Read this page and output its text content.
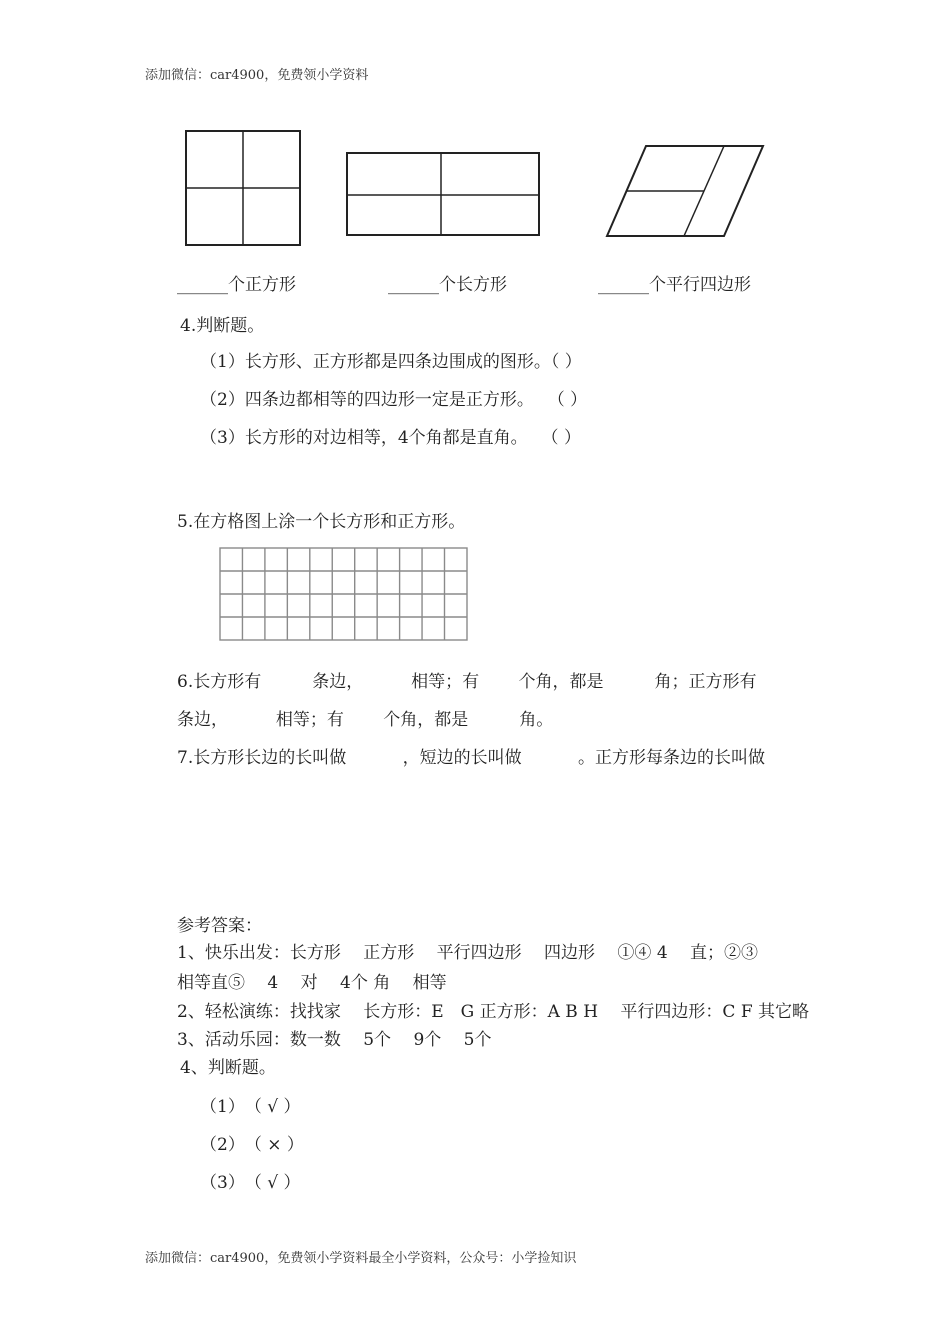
添加微信：car4900，免费领小学资料
______个正方形	______个长方形	______个平行四边形
4.判断题。
（1）长方形、正方形都是四条边围成的图形。（ ）
（2）四条边都相等的四边形一定是正方形。　 （ ）
（3）长方形的对边相等，4个角都是直角。　 （ ）
5.在方格图上涂一个长方形和正方形。
6.长方形有　　　条边，　　　 相等；有　　 个角，都是　　　角；正方形有
条边，　　　 相等；有　　 个角，都是　　　角。
7.长方形长边的长叫做　　　 ，短边的长叫做　　　 。正方形每条边的长叫做
参考答案：
1、快乐出发：长方形　 正方形　 平行四边形　 四边形　 ①④ 4　 直；②③
相等直⑤　 4　 对　 4个 角　 相等
2、轻松演练：找找家　 长方形：E　G 正方形：A B H　 平行四边形：C F 其它略
3、活动乐园：数一数　 5个　 9个　 5个
4、判断题。
（1）　（ √ ）
（2）　（ × ）
（3）　（ √ ）
添加微信：car4900，免费领小学资料最全小学资料，公众号：小学捡知识
